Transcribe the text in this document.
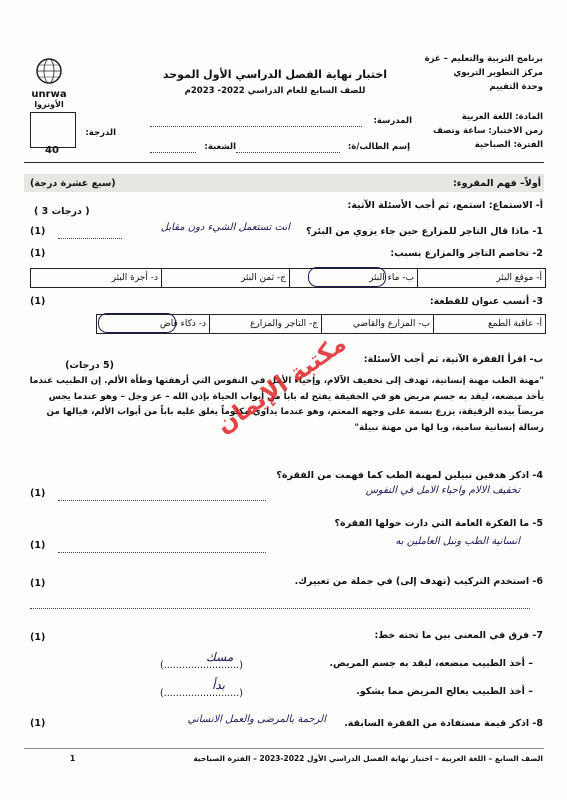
برنامج التربية والتعليم – غزة
مركز التطوير التربوي
وحدة التقييم
اختبار نهاية الفصل الدراسي الأول الموحد
للصف السابع للعام الدراسي 2022- 2023م
unrwa
الأونروا
المادة: اللغة العربية
زمن الاختبار: ساعة وتصف
الفترة: الصباحية
المدرسة:
إسم الطالب/ة:
الشعبة:
الدرجة:
40
أولاً– فهم المقروء:
(سبع عشرة درجة)
أ- الاستماع: استمع، ثم أجب الأسئلة الآتية:
( 3 درجات )
1- ماذا قال التاجر للمزارع حين جاء يزوي من البئر؟
انت تستعمل الشيء دون مقابل
(1)
2- تخاصم التاجر والمزارع بسبب:
(1)
أ- موقع البئر
ب- ماء البئر
ج- ثمن البئر
د- أجرة البئر
3- أنسب عنوان للقطعة:
(1)
أ- عاقبة الطمع
ب- المزارع والقاضي
ج- التاجر والمزارع
د- ذكاء قاض
ب- اقرأ الفقرة الآتية، ثم أجب الأسئلة:
(5 درجات)
"مهنة الطب مهنة إنسانية، تهدف إلى تخفيف الآلام، وإحياء الأمل في النفوس التي أرهقتها وطأة الألم. إن الطبيب عندما يأخذ مبضعه، ليقد به جسم مريض هو في الحقيقة يفتح له باباً من أبواب الحياة بإذن الله – عز وجل – وهو عندما يجس مريضاً بيده الرقيقة، يزرع بسمة على وجهه المعتم، وهو عندما يداوي مكلوماً يغلق عليه باباً من أبواب الألم، فيالها من رسالة إنسانية سامية، ويا لها من مهنة نبيلة"
4- اذكر هدفين نبيلين لمهنة الطب كما فهمت من الفقرة؟
تخفيف الالام واحياء الامل في النفوس
(1)
5- ما الفكرة العامة التي دارت حولها الفقرة؟
انسانية الطب ونبل العاملين به
(1)
6- استخدم التركيب (تهدف إلى) في جملة من تعبيرك.
(1)
7- فرق في المعنى بين ما تحته خط:
(1)
– أخذ الطبيب مبضعه، ليقد به جسم المريض.
(.........................)
مسك
– أخذ الطبيب يعالج المريض مما يشكو.
(.........................)
بدأ
8- اذكر قيمة مستفادة من الفقرة السابقة.
الرحمة بالمرضى والعمل الانساني
(1)
مكتبة الإيمان
الصف السابع – اللغة العربية – اختبار نهاية الفصل الدراسي الأول 2022-2023 – الفترة الصباحية
1
